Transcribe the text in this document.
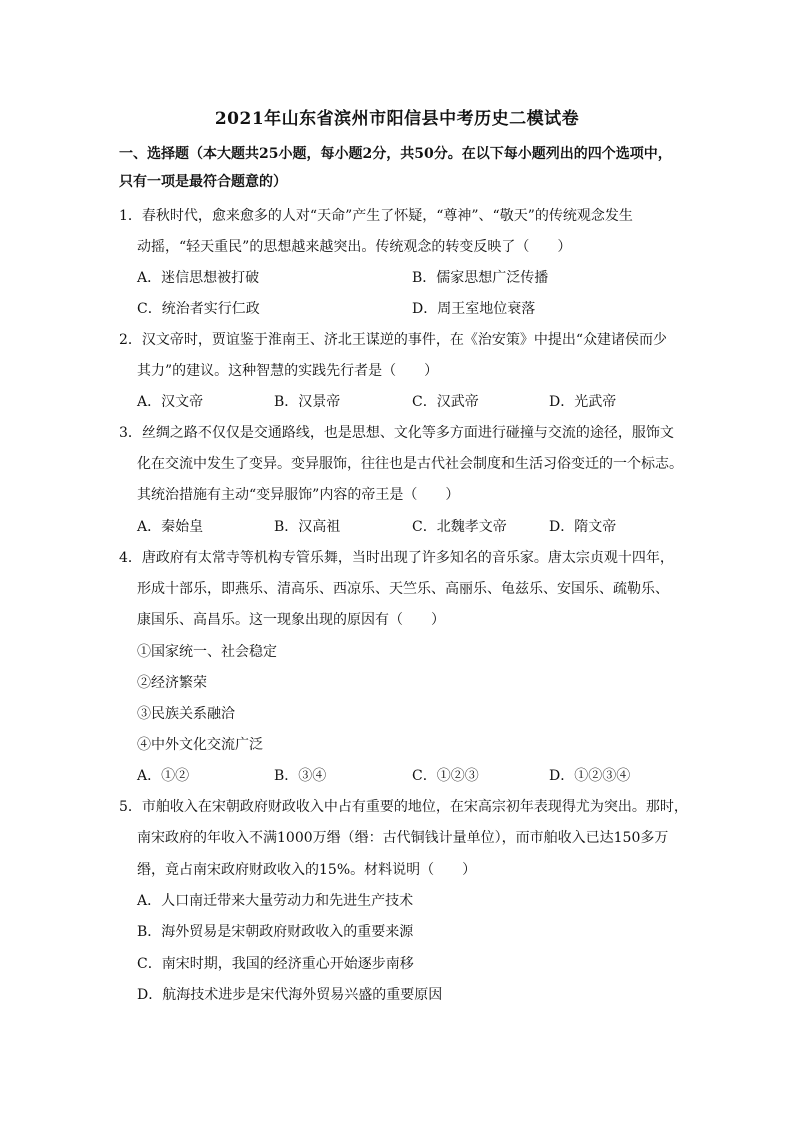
2021年山东省滨州市阳信县中考历史二模试卷
一、选择题（本大题共25小题，每小题2分，共50分。在以下每小题列出的四个选项中，
只有一项是最符合题意的）
1．春秋时代，愈来愈多的人对“天命”产生了怀疑，“尊神”、“敬天”的传统观念发生
动摇，“轻天重民”的思想越来越突出。传统观念的转变反映了（　　）
A．迷信思想被打破	B．儒家思想广泛传播
C．统治者实行仁政	D．周王室地位衰落
2．汉文帝时，贾谊鉴于淮南王、济北王谋逆的事件，在《治安策》中提出“众建诸侯而少
其力”的建议。这种智慧的实践先行者是（　　）
A．汉文帝	B．汉景帝	C．汉武帝	D．光武帝
3．丝绸之路不仅仅是交通路线，也是思想、文化等多方面进行碰撞与交流的途径，服饰文
化在交流中发生了变异。变异服饰，往往也是古代社会制度和生活习俗变迁的一个标志。
其统治措施有主动“变异服饰”内容的帝王是（　　）
A．秦始皇	B．汉高祖	C．北魏孝文帝	D．隋文帝
4．唐政府有太常寺等机构专管乐舞，当时出现了许多知名的音乐家。唐太宗贞观十四年，
形成十部乐，即燕乐、清高乐、西凉乐、天竺乐、高丽乐、龟兹乐、安国乐、疏勒乐、
康国乐、高昌乐。这一现象出现的原因有（　　）
①国家统一、社会稳定
②经济繁荣
③民族关系融洽
④中外文化交流广泛
A．①②	B．③④	C．①②③	D．①②③④
5．市舶收入在宋朝政府财政收入中占有重要的地位，在宋高宗初年表现得尤为突出。那时，
南宋政府的年收入不满1000万缗（缗：古代铜钱计量单位），而市舶收入已达150多万
缗，竟占南宋政府财政收入的15%。材料说明（　　）
A．人口南迁带来大量劳动力和先进生产技术
B．海外贸易是宋朝政府财政收入的重要来源
C．南宋时期，我国的经济重心开始逐步南移
D．航海技术进步是宋代海外贸易兴盛的重要原因
